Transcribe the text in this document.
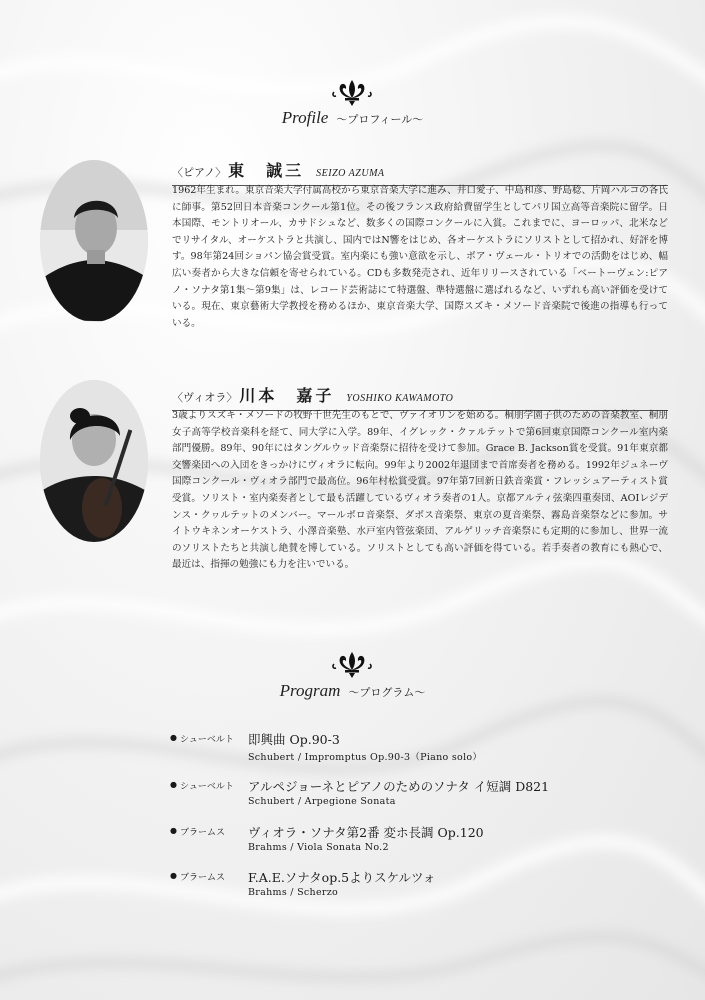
Profile 〜プロフィール〜
〈ピアノ〉 東　誠三 SEIZO AZUMA
1962年生まれ。東京音楽大学付属高校から東京音楽大学に進み、井口愛子、中島和彦、野島稔、片岡ハルコの各氏に師事。第52回日本音楽コンクール第1位。その後フランス政府給費留学生としてパリ国立高等音楽院に留学。日本国際、モントリオール、カサドシュなど、数多くの国際コンクールに入賞。これまでに、ヨーロッパ、北米などでリサイタル、オーケストラと共演し、国内ではN響をはじめ、各オーケストラにソリストとして招かれ、好評を博す。98年第24回ショパン協会賞受賞。室内楽にも強い意欲を示し、ボア・ヴェール・トリオでの活動をはじめ、幅広い奏者から大きな信頼を寄せられている。CDも多数発売され、近年リリースされている「ベートーヴェン:ピアノ・ソナタ第1集〜第9集」は、レコード芸術誌にて特選盤、準特選盤に選ばれるなど、いずれも高い評価を受けている。現在、東京藝術大学教授を務めるほか、東京音楽大学、国際スズキ・メソード音楽院で後進の指導も行っている。
〈ヴィオラ〉 川本　嘉子 YOSHIKO KAWAMOTO
3歳よりスズキ・メソードの牧野千世先生のもとで、ヴァイオリンを始める。桐朋学園子供のための音楽教室、桐朋女子高等学校音楽科を経て、同大学に入学。89年、イグレック・クァルテットで第6回東京国際コンクール室内楽部門優勝。89年、90年にはタングルウッド音楽祭に招待を受けて参加。Grace B. Jackson賞を受賞。91年東京都交響楽団への入団をきっかけにヴィオラに転向。99年より2002年退団まで首席奏者を務める。1992年ジュネーヴ国際コンクール・ヴィオラ部門で最高位。96年村松賞受賞。97年第7回新日鉄音楽賞・フレッシュアーティスト賞受賞。ソリスト・室内楽奏者として最も活躍しているヴィオラ奏者の1人。京都アルティ弦楽四重奏団、AOIレジデンス・クヮルテットのメンバー。マールボロ音楽祭、ダボス音楽祭、東京の夏音楽祭、霧島音楽祭などに参加。サイトウキネンオーケストラ、小澤音楽塾、水戸室内管弦楽団、アルゲリッチ音楽祭にも定期的に参加し、世界一流のソリストたちと共演し絶賛を博している。ソリストとしても高い評価を得ている。若手奏者の教育にも熱心で、最近は、指揮の勉強にも力を注いでいる。
Program 〜プログラム〜
● シューベルト 即興曲 Op.90-3
Schubert / Impromptus Op.90-3（Piano solo）
● シューベルト アルペジョーネとピアノのためのソナタ イ短調 D821
Schubert / Arpegione Sonata
● ブラームス ヴィオラ・ソナタ第2番 変ホ長調 Op.120
Brahms / Viola Sonata No.2
● ブラームス F.A.E.ソナタop.5よりスケルツォ
Brahms / Scherzo
